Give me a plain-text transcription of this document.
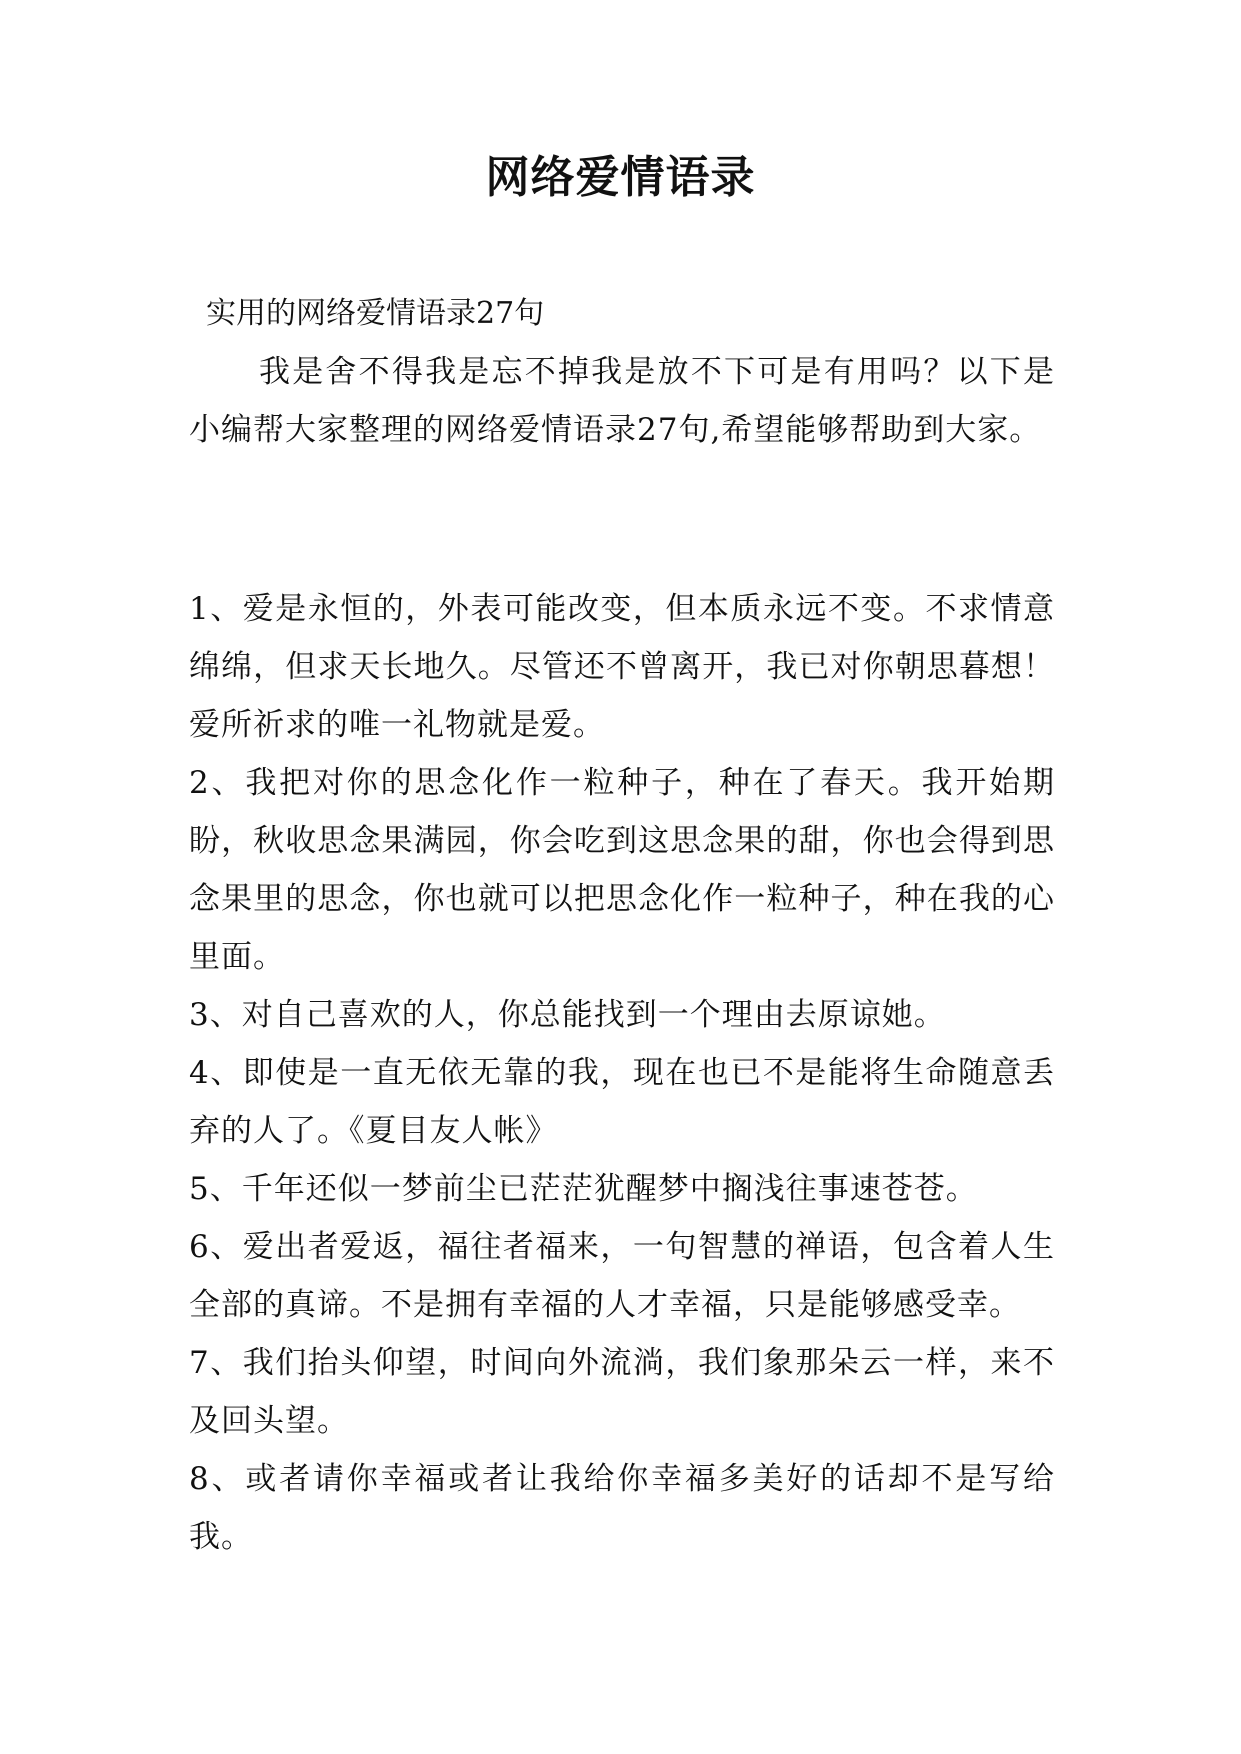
网络爱情语录

实用的网络爱情语录27句

我是舍不得我是忘不掉我是放不下可是有用吗？以下是小编帮大家整理的网络爱情语录27句,希望能够帮助到大家。

1、爱是永恒的，外表可能改变，但本质永远不变。不求情意绵绵，但求天长地久。尽管还不曾离开，我已对你朝思暮想！爱所祈求的唯一礼物就是爱。

2、我把对你的思念化作一粒种子，种在了春天。我开始期盼，秋收思念果满园，你会吃到这思念果的甜，你也会得到思念果里的思念，你也就可以把思念化作一粒种子，种在我的心里面。

3、对自己喜欢的人，你总能找到一个理由去原谅她。

4、即使是一直无依无靠的我，现在也已不是能将生命随意丢弃的人了。《夏目友人帐》

5、千年还似一梦前尘已茫茫犹醒梦中搁浅往事速苍苍。

6、爱出者爱返，福往者福来，一句智慧的禅语，包含着人生全部的真谛。不是拥有幸福的人才幸福，只是能够感受幸。

7、我们抬头仰望，时间向外流淌，我们象那朵云一样，来不及回头望。

8、或者请你幸福或者让我给你幸福多美好的话却不是写给我。
